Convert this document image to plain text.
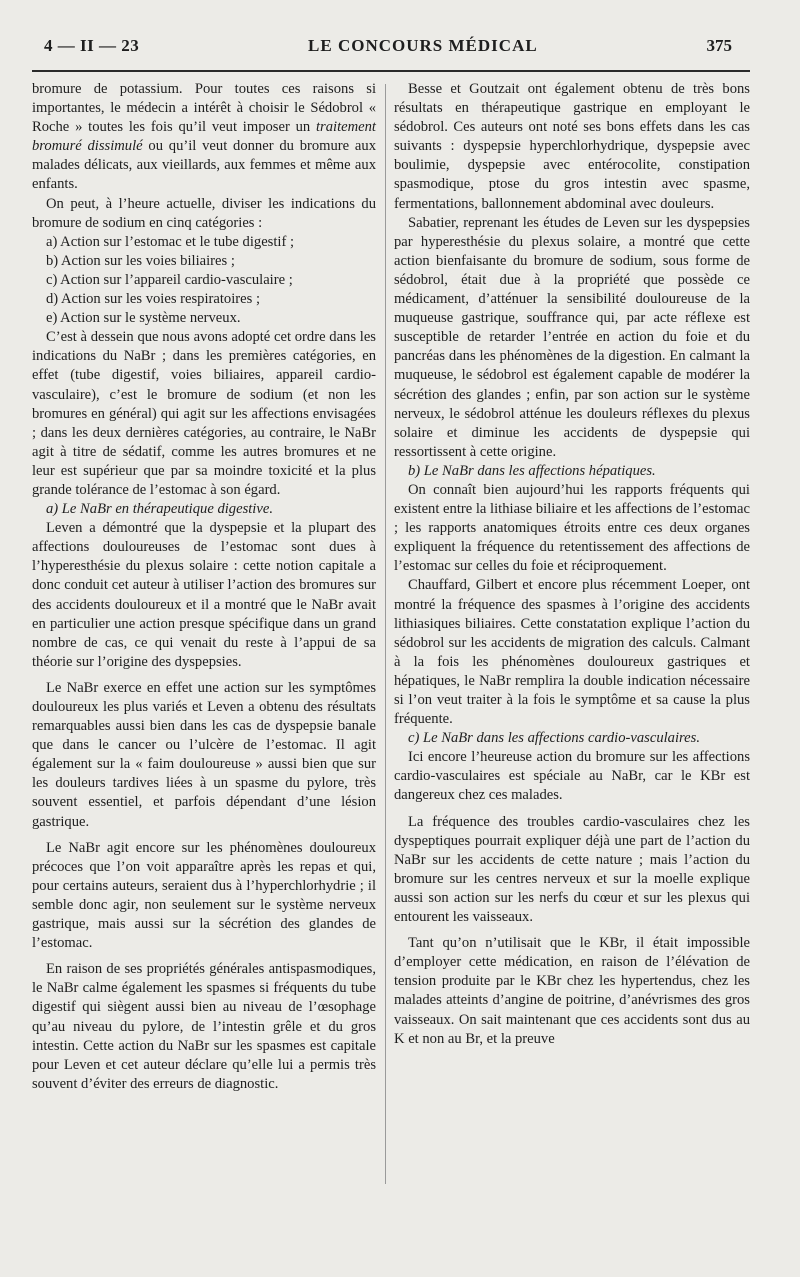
4 — II — 23	LE CONCOURS MÉDICAL	375

bromure de potassium. Pour toutes ces raisons si importantes, le médecin a intérêt à choisir le Sédobrol « Roche » toutes les fois qu’il veut imposer un traitement bromuré dissimulé ou qu’il veut donner du bromure aux malades délicats, aux vieillards, aux femmes et même aux enfants.

On peut, à l’heure actuelle, diviser les indications du bromure de sodium en cinq catégories :

a) Action sur l’estomac et le tube digestif ;

b) Action sur les voies biliaires ;

c) Action sur l’appareil cardio-vasculaire ;

d) Action sur les voies respiratoires ;

e) Action sur le système nerveux.

C’est à dessein que nous avons adopté cet ordre dans les indications du NaBr ; dans les premières catégories, en effet (tube digestif, voies biliaires, appareil cardio-vasculaire), c’est le bromure de sodium (et non les bromures en général) qui agit sur les affections envisagées ; dans les deux dernières catégories, au contraire, le NaBr agit à titre de sédatif, comme les autres bromures et ne leur est supérieur que par sa moindre toxicité et la plus grande tolérance de l’estomac à son égard.

a) Le NaBr en thérapeutique digestive.

Leven a démontré que la dyspepsie et la plupart des affections douloureuses de l’estomac sont dues à l’hyperesthésie du plexus solaire : cette notion capitale a donc conduit cet auteur à utiliser l’action des bromures sur des accidents douloureux et il a montré que le NaBr avait en particulier une action presque spécifique dans un grand nombre de cas, ce qui venait du reste à l’appui de sa théorie sur l’origine des dyspepsies.

Le NaBr exerce en effet une action sur les symptômes douloureux les plus variés et Leven a obtenu des résultats remarquables aussi bien dans les cas de dyspepsie banale que dans le cancer ou l’ulcère de l’estomac. Il agit également sur la « faim douloureuse » aussi bien que sur les douleurs tardives liées à un spasme du pylore, très souvent essentiel, et parfois dépendant d’une lésion gastrique.

Le NaBr agit encore sur les phénomènes douloureux précoces que l’on voit apparaître après les repas et qui, pour certains auteurs, seraient dus à l’hyperchlorhydrie ; il semble donc agir, non seulement sur le système nerveux gastrique, mais aussi sur la sécrétion des glandes de l’estomac.

En raison de ses propriétés générales antispasmodiques, le NaBr calme également les spasmes si fréquents du tube digestif qui siègent aussi bien au niveau de l’œsophage qu’au niveau du pylore, de l’intestin grêle et du gros intestin. Cette action du NaBr sur les spasmes est capitale pour Leven et cet auteur déclare qu’elle lui a permis très souvent d’éviter des erreurs de diagnostic.

Besse et Goutzait ont également obtenu de très bons résultats en thérapeutique gastrique en employant le sédobrol. Ces auteurs ont noté ses bons effets dans les cas suivants : dyspepsie hyperchlorhydrique, dyspepsie avec boulimie, dyspepsie avec entérocolite, constipation spasmodique, ptose du gros intestin avec spasme, fermentations, ballonnement abdominal avec douleurs.

Sabatier, reprenant les études de Leven sur les dyspepsies par hyperesthésie du plexus solaire, a montré que cette action bienfaisante du bromure de sodium, sous forme de sédobrol, était due à la propriété que possède ce médicament, d’atténuer la sensibilité douloureuse de la muqueuse gastrique, souffrance qui, par acte réflexe est susceptible de retarder l’entrée en action du foie et du pancréas dans les phénomènes de la digestion. En calmant la muqueuse, le sédobrol est également capable de modérer la sécrétion des glandes ; enfin, par son action sur le système nerveux, le sédobrol atténue les douleurs réflexes du plexus solaire et diminue les accidents de dyspepsie qui ressortissent à cette origine.

b) Le NaBr dans les affections hépatiques.

On connaît bien aujourd’hui les rapports fréquents qui existent entre la lithiase biliaire et les affections de l’estomac ; les rapports anatomiques étroits entre ces deux organes expliquent la fréquence du retentissement des affections de l’estomac sur celles du foie et réciproquement.

Chauffard, Gilbert et encore plus récemment Loeper, ont montré la fréquence des spasmes à l’origine des accidents lithiasiques biliaires. Cette constatation explique l’action du sédobrol sur les accidents de migration des calculs. Calmant à la fois les phénomènes douloureux gastriques et hépatiques, le NaBr remplira la double indication nécessaire si l’on veut traiter à la fois le symptôme et sa cause la plus fréquente.

c) Le NaBr dans les affections cardio-vasculaires.

Ici encore l’heureuse action du bromure sur les affections cardio-vasculaires est spéciale au NaBr, car le KBr est dangereux chez ces malades.

La fréquence des troubles cardio-vasculaires chez les dyspeptiques pourrait expliquer déjà une part de l’action du NaBr sur les accidents de cette nature ; mais l’action du bromure sur les centres nerveux et sur la moelle explique aussi son action sur les nerfs du cœur et sur les plexus qui entourent les vaisseaux.

Tant qu’on n’utilisait que le KBr, il était impossible d’employer cette médication, en raison de l’élévation de tension produite par le KBr chez les hypertendus, chez les malades atteints d’angine de poitrine, d’anévrismes des gros vaisseaux. On sait maintenant que ces accidents sont dus au K et non au Br, et la preuve
